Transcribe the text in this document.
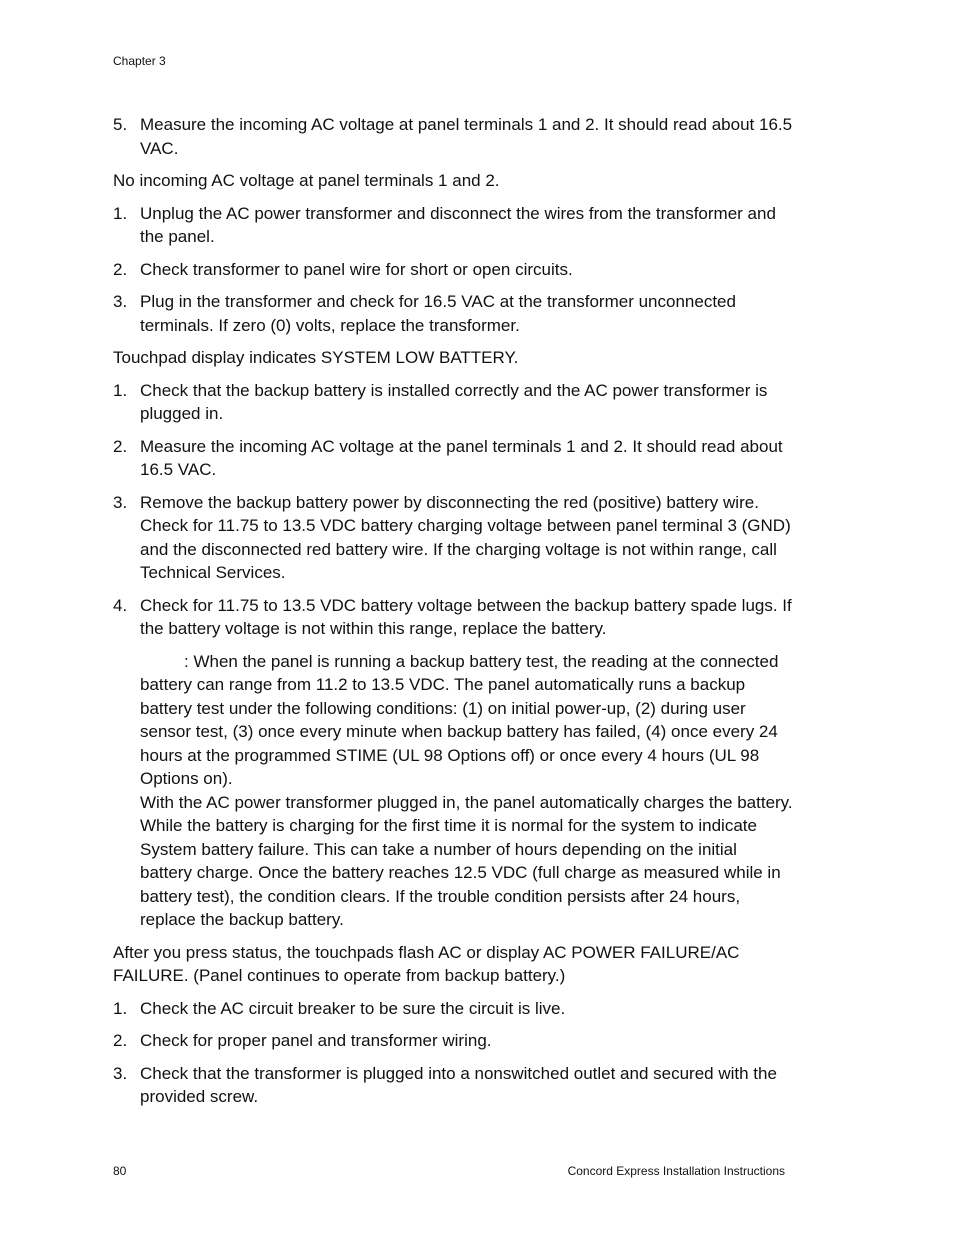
Chapter 3
5. Measure the incoming AC voltage at panel terminals 1 and 2. It should read about 16.5 VAC.
No incoming AC voltage at panel terminals 1 and 2.
1. Unplug the AC power transformer and disconnect the wires from the transformer and the panel.
2. Check transformer to panel wire for short or open circuits.
3. Plug in the transformer and check for 16.5 VAC at the transformer unconnected terminals. If zero (0) volts, replace the transformer.
Touchpad display indicates SYSTEM LOW BATTERY.
1. Check that the backup battery is installed correctly and the AC power transformer is plugged in.
2. Measure the incoming AC voltage at the panel terminals 1 and 2. It should read about 16.5 VAC.
3. Remove the backup battery power by disconnecting the red (positive) battery wire. Check for 11.75 to 13.5 VDC battery charging voltage between panel terminal 3 (GND) and the disconnected red battery wire. If the charging voltage is not within range, call Technical Services.
4. Check for 11.75 to 13.5 VDC battery voltage between the backup battery spade lugs. If the battery voltage is not within this range, replace the battery.

: When the panel is running a backup battery test, the reading at the connected battery can range from 11.2 to 13.5 VDC. The panel automatically runs a backup battery test under the following conditions: (1) on initial power-up, (2) during user sensor test, (3) once every minute when backup battery has failed, (4) once every 24 hours at the programmed STIME (UL 98 Options off) or once every 4 hours (UL 98 Options on).

With the AC power transformer plugged in, the panel automatically charges the battery. While the battery is charging for the first time it is normal for the system to indicate System battery failure. This can take a number of hours depending on the initial battery charge. Once the battery reaches 12.5 VDC (full charge as measured while in battery test), the condition clears. If the trouble condition persists after 24 hours, replace the backup battery.

After you press status, the touchpads flash AC or display AC POWER FAILURE/AC FAILURE. (Panel continues to operate from backup battery.)
1. Check the AC circuit breaker to be sure the circuit is live.
2. Check for proper panel and transformer wiring.
3. Check that the transformer is plugged into a nonswitched outlet and secured with the provided screw.
80	Concord Express Installation Instructions
